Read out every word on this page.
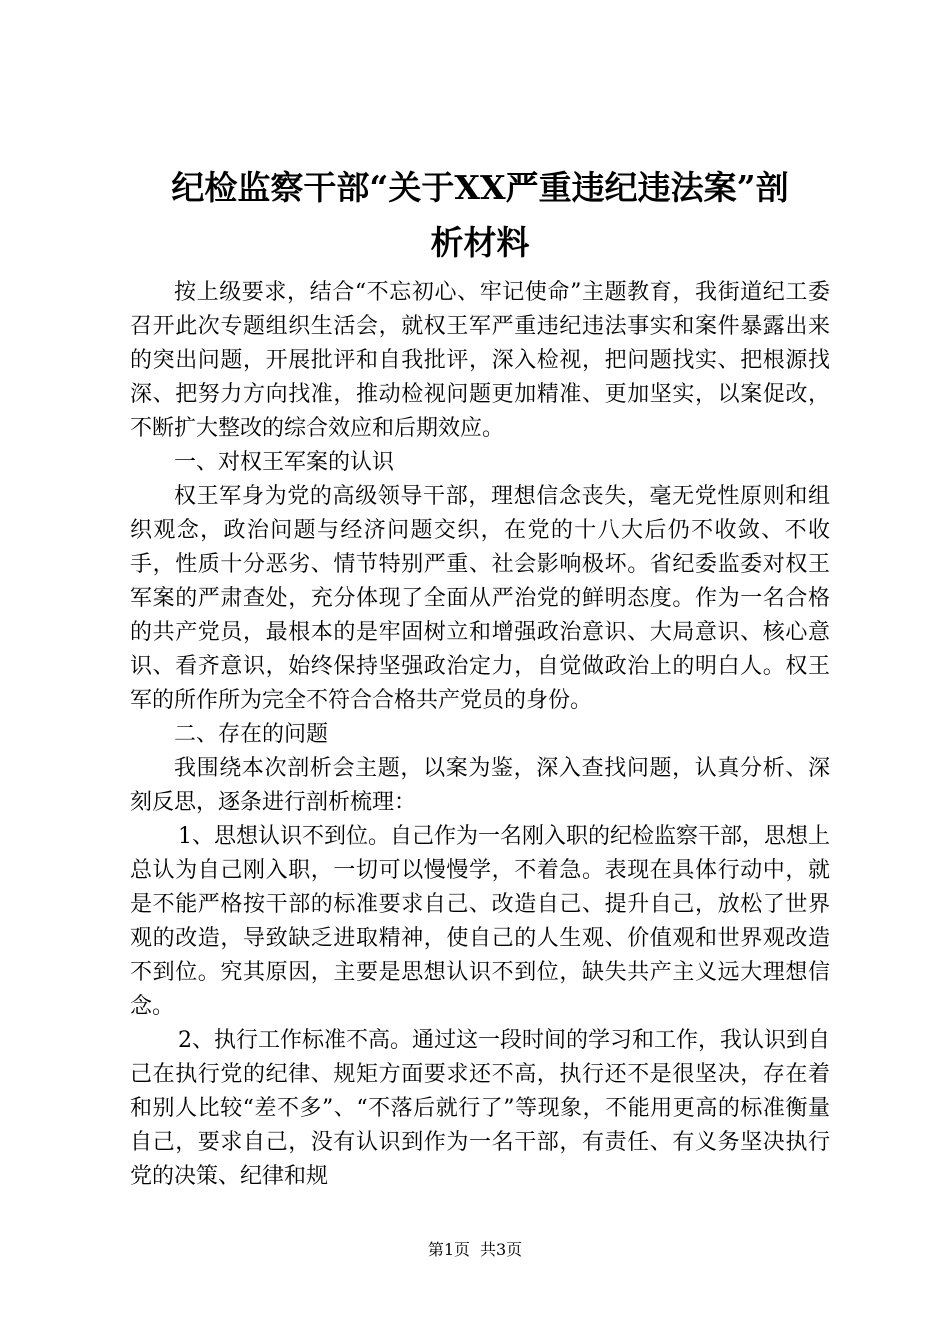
纪检监察干部“关于XX严重违纪违法案”剖
析材料

按上级要求，结合“不忘初心、牢记使命”主题教育，我街道纪工委召开此次专题组织生活会，就权王军严重违纪违法事实和案件暴露出来的突出问题，开展批评和自我批评，深入检视，把问题找实、把根源找深、把努力方向找准，推动检视问题更加精准、更加坚实，以案促改，不断扩大整改的综合效应和后期效应。

一、对权王军案的认识

权王军身为党的高级领导干部，理想信念丧失，毫无党性原则和组织观念，政治问题与经济问题交织，在党的十八大后仍不收敛、不收手，性质十分恶劣、情节特别严重、社会影响极坏。省纪委监委对权王军案的严肃查处，充分体现了全面从严治党的鲜明态度。作为一名合格的共产党员，最根本的是牢固树立和增强政治意识、大局意识、核心意识、看齐意识，始终保持坚强政治定力，自觉做政治上的明白人。权王军的所作所为完全不符合合格共产党员的身份。

二、存在的问题

我围绕本次剖析会主题，以案为鉴，深入查找问题，认真分析、深刻反思，逐条进行剖析梳理：

1、思想认识不到位。自己作为一名刚入职的纪检监察干部，思想上总认为自己刚入职，一切可以慢慢学，不着急。表现在具体行动中，就是不能严格按干部的标准要求自己、改造自己、提升自己，放松了世界观的改造，导致缺乏进取精神，使自己的人生观、价值观和世界观改造不到位。究其原因，主要是思想认识不到位，缺失共产主义远大理想信念。

2、执行工作标准不高。通过这一段时间的学习和工作，我认识到自己在执行党的纪律、规矩方面要求还不高，执行还不是很坚决，存在着和别人比较“差不多”、“不落后就行了”等现象，不能用更高的标准衡量自己，要求自己，没有认识到作为一名干部，有责任、有义务坚决执行党的决策、纪律和规

第1页 共3页
